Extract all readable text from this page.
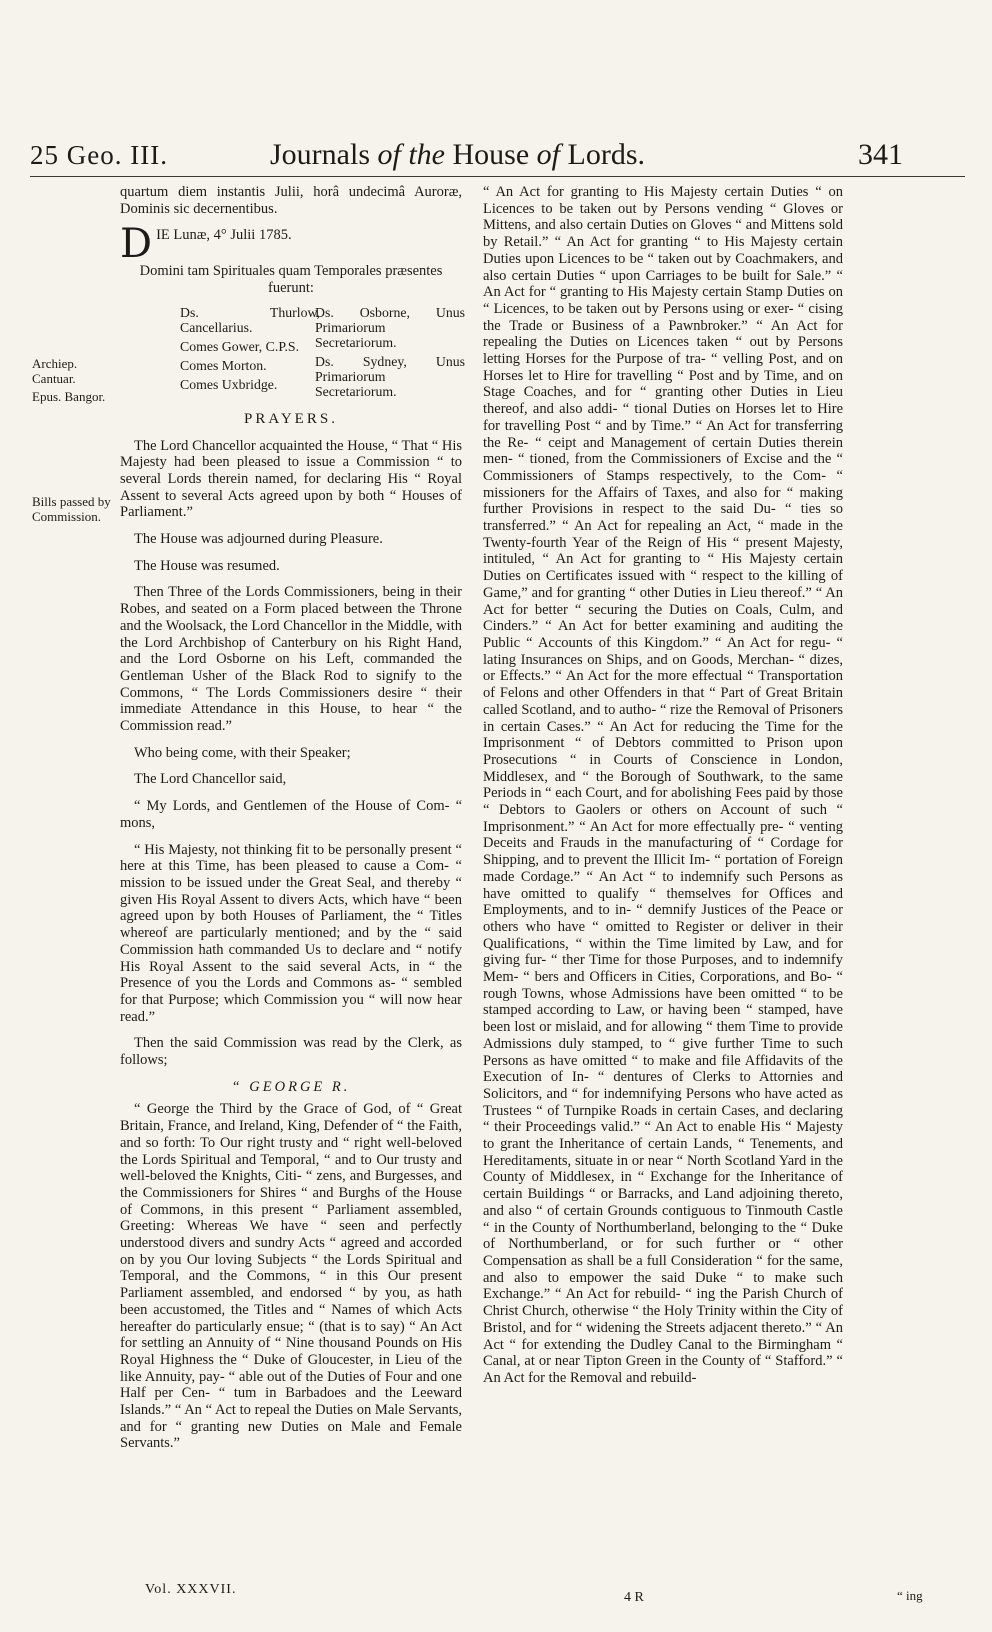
25 Geo. III.	Journals of the House of Lords.	341
Archiep. Cantuar.
Epus. Bangor.
Bills passed by Commission.

quartum diem instantis Julii, horâ undecimâ Auroræ, Dominis sic decernentibus.

D IE Lunæ, 4° Julii 1785.

Domini tam Spirituales quam Temporales præsentes fuerunt:
Ds. Thurlow, Cancellarius.
Comes Gower, C.P.S.
Comes Morton.
Comes Uxbridge.
Ds. Osborne, Unus Primariorum Secretariorum.
Ds. Sydney, Unus Primariorum Secretariorum.
PRAYERS.

The Lord Chancellor acquainted the House, “ That “ His Majesty had been pleased to issue a Commission “ to several Lords therein named, for declaring His “ Royal Assent to several Acts agreed upon by both “ Houses of Parliament.”

The House was adjourned during Pleasure.

The House was resumed.

Then Three of the Lords Commissioners, being in their Robes, and seated on a Form placed between the Throne and the Woolsack, the Lord Chancellor in the Middle, with the Lord Archbishop of Canterbury on his Right Hand, and the Lord Osborne on his Left, commanded the Gentleman Usher of the Black Rod to signify to the Commons, “ The Lords Commissioners desire “ their immediate Attendance in this House, to hear “ the Commission read.”

Who being come, with their Speaker;

The Lord Chancellor said,

“ My Lords, and Gentlemen of the House of Com- “ mons,

“ His Majesty, not thinking fit to be personally present “ here at this Time, has been pleased to cause a Com- “ mission to be issued under the Great Seal, and thereby “ given His Royal Assent to divers Acts, which have “ been agreed upon by both Houses of Parliament, the “ Titles whereof are particularly mentioned; and by the “ said Commission hath commanded Us to declare and “ notify His Royal Assent to the said several Acts, in “ the Presence of you the Lords and Commons as- “ sembled for that Purpose; which Commission you “ will now hear read.”

Then the said Commission was read by the Clerk, as follows;

“ GEORGE R.

“ George the Third by the Grace of God, of “ Great Britain, France, and Ireland, King, Defender of “ the Faith, and so forth: To Our right trusty and “ right well-beloved the Lords Spiritual and Temporal, “ and to Our trusty and well-beloved the Knights, Citi- “ zens, and Burgesses, and the Commissioners for Shires “ and Burghs of the House of Commons, in this present “ Parliament assembled, Greeting: Whereas We have “ seen and perfectly understood divers and sundry Acts “ agreed and accorded on by you Our loving Subjects “ the Lords Spiritual and Temporal, and the Commons, “ in this Our present Parliament assembled, and endorsed “ by you, as hath been accustomed, the Titles and “ Names of which Acts hereafter do particularly ensue; “ (that is to say) “ An Act for settling an Annuity of “ Nine thousand Pounds on His Royal Highness the “ Duke of Gloucester, in Lieu of the like Annuity, pay- “ able out of the Duties of Four and one Half per Cen- “ tum in Barbadoes and the Leeward Islands.” “ An “ Act to repeal the Duties on Male Servants, and for “ granting new Duties on Male and Female Servants.”

“ An Act for granting to His Majesty certain Duties “ on Licences to be taken out by Persons vending “ Gloves or Mittens, and also certain Duties on Gloves “ and Mittens sold by Retail.” “ An Act for granting “ to His Majesty certain Duties upon Licences to be “ taken out by Coachmakers, and also certain Duties “ upon Carriages to be built for Sale.” “ An Act for “ granting to His Majesty certain Stamp Duties on “ Licences, to be taken out by Persons using or exer- “ cising the Trade or Business of a Pawnbroker.” “ An Act for repealing the Duties on Licences taken “ out by Persons letting Horses for the Purpose of tra- “ velling Post, and on Horses let to Hire for travelling “ Post and by Time, and on Stage Coaches, and for “ granting other Duties in Lieu thereof, and also addi- “ tional Duties on Horses let to Hire for travelling Post “ and by Time.” “ An Act for transferring the Re- “ ceipt and Management of certain Duties therein men- “ tioned, from the Commissioners of Excise and the “ Commissioners of Stamps respectively, to the Com- “ missioners for the Affairs of Taxes, and also for “ making further Provisions in respect to the said Du- “ ties so transferred.” “ An Act for repealing an Act, “ made in the Twenty-fourth Year of the Reign of His “ present Majesty, intituled, “ An Act for granting to “ His Majesty certain Duties on Certificates issued with “ respect to the killing of Game,” and for granting “ other Duties in Lieu thereof.” “ An Act for better “ securing the Duties on Coals, Culm, and Cinders.” “ An Act for better examining and auditing the Public “ Accounts of this Kingdom.” “ An Act for regu- “ lating Insurances on Ships, and on Goods, Merchan- “ dizes, or Effects.” “ An Act for the more effectual “ Transportation of Felons and other Offenders in that “ Part of Great Britain called Scotland, and to autho- “ rize the Removal of Prisoners in certain Cases.” “ An Act for reducing the Time for the Imprisonment “ of Debtors committed to Prison upon Prosecutions “ in Courts of Conscience in London, Middlesex, and “ the Borough of Southwark, to the same Periods in “ each Court, and for abolishing Fees paid by those “ Debtors to Gaolers or others on Account of such “ Imprisonment.” “ An Act for more effectually pre- “ venting Deceits and Frauds in the manufacturing of “ Cordage for Shipping, and to prevent the Illicit Im- “ portation of Foreign made Cordage.” “ An Act “ to indemnify such Persons as have omitted to qualify “ themselves for Offices and Employments, and to in- “ demnify Justices of the Peace or others who have “ omitted to Register or deliver in their Qualifications, “ within the Time limited by Law, and for giving fur- “ ther Time for those Purposes, and to indemnify Mem- “ bers and Officers in Cities, Corporations, and Bo- “ rough Towns, whose Admissions have been omitted “ to be stamped according to Law, or having been “ stamped, have been lost or mislaid, and for allowing “ them Time to provide Admissions duly stamped, to “ give further Time to such Persons as have omitted “ to make and file Affidavits of the Execution of In- “ dentures of Clerks to Attornies and Solicitors, and “ for indemnifying Persons who have acted as Trustees “ of Turnpike Roads in certain Cases, and declaring “ their Proceedings valid.” “ An Act to enable His “ Majesty to grant the Inheritance of certain Lands, “ Tenements, and Hereditaments, situate in or near “ North Scotland Yard in the County of Middlesex, in “ Exchange for the Inheritance of certain Buildings “ or Barracks, and Land adjoining thereto, and also “ of certain Grounds contiguous to Tinmouth Castle “ in the County of Northumberland, belonging to the “ Duke of Northumberland, or for such further or “ other Compensation as shall be a full Consideration “ for the same, and also to empower the said Duke “ to make such Exchange.” “ An Act for rebuild- “ ing the Parish Church of Christ Church, otherwise “ the Holy Trinity within the City of Bristol, and for “ widening the Streets adjacent thereto.” “ An Act “ for extending the Dudley Canal to the Birmingham “ Canal, at or near Tipton Green in the County of “ Stafford.” “ An Act for the Removal and rebuild-

Vol. XXXVII.
4 R	“ ing
